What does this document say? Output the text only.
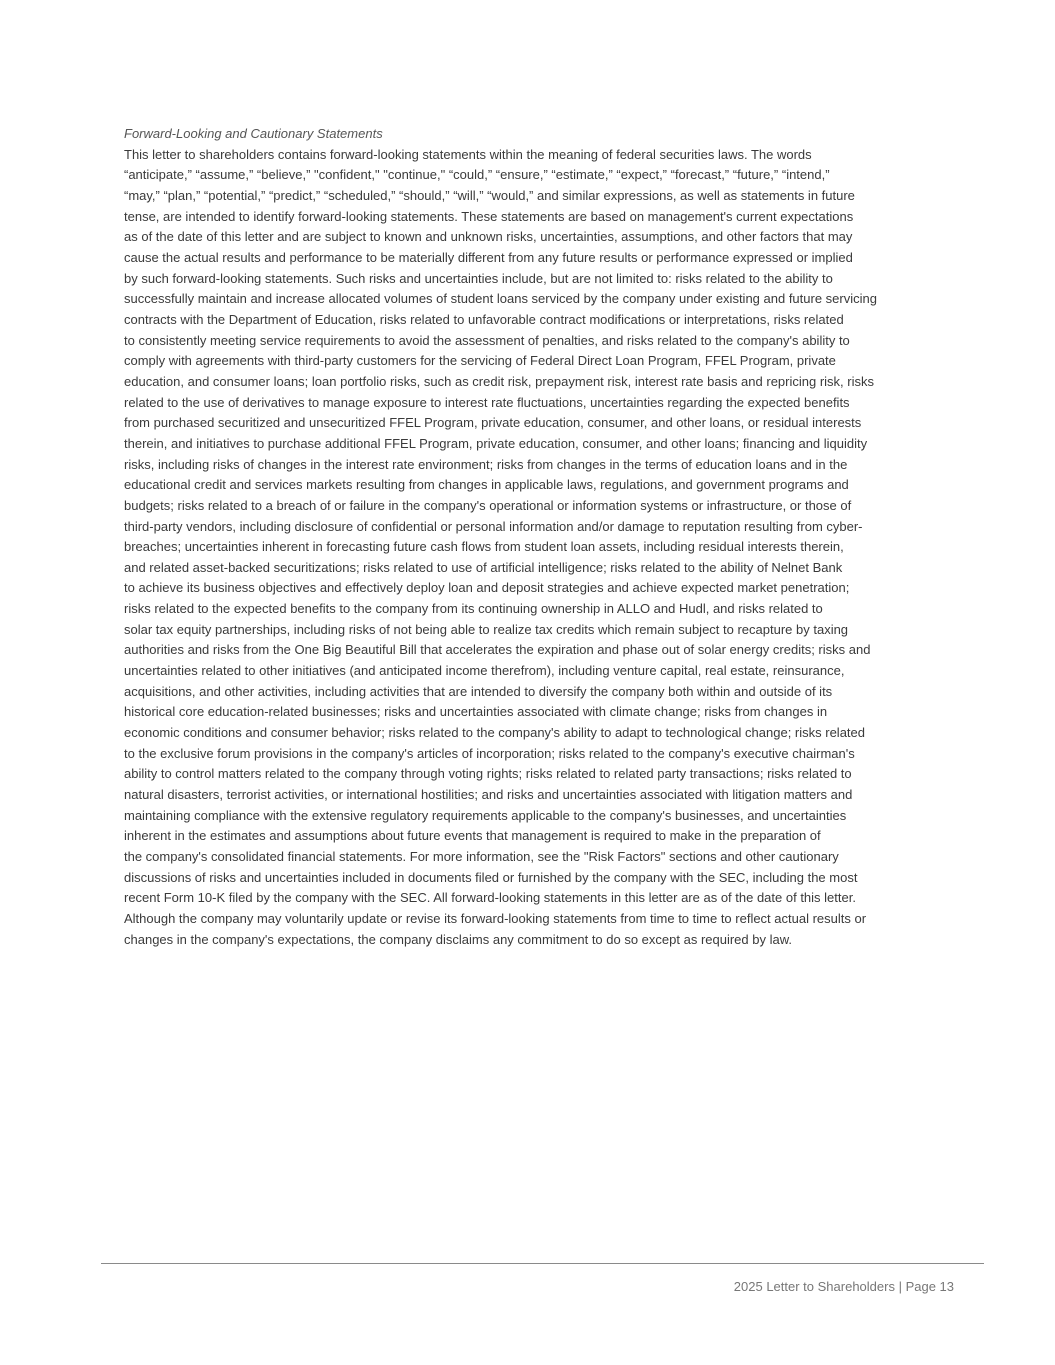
Forward-Looking and Cautionary Statements

This letter to shareholders contains forward-looking statements within the meaning of federal securities laws. The words
“anticipate,” “assume,” “believe,” "confident," "continue," “could,” “ensure,” “estimate,” “expect,” “forecast,” “future,” “intend,”
“may,” “plan,” “potential,” “predict,” “scheduled,” “should,” “will,” “would,” and similar expressions, as well as statements in future
tense, are intended to identify forward-looking statements. These statements are based on management's current expectations
as of the date of this letter and are subject to known and unknown risks, uncertainties, assumptions, and other factors that may
cause the actual results and performance to be materially different from any future results or performance expressed or implied
by such forward-looking statements. Such risks and uncertainties include, but are not limited to: risks related to the ability to
successfully maintain and increase allocated volumes of student loans serviced by the company under existing and future servicing
contracts with the Department of Education, risks related to unfavorable contract modifications or interpretations, risks related
to consistently meeting service requirements to avoid the assessment of penalties, and risks related to the company's ability to
comply with agreements with third-party customers for the servicing of Federal Direct Loan Program, FFEL Program, private
education, and consumer loans; loan portfolio risks, such as credit risk, prepayment risk, interest rate basis and repricing risk, risks
related to the use of derivatives to manage exposure to interest rate fluctuations, uncertainties regarding the expected benefits
from purchased securitized and unsecuritized FFEL Program, private education, consumer, and other loans, or residual interests
therein, and initiatives to purchase additional FFEL Program, private education, consumer, and other loans; financing and liquidity
risks, including risks of changes in the interest rate environment; risks from changes in the terms of education loans and in the
educational credit and services markets resulting from changes in applicable laws, regulations, and government programs and
budgets; risks related to a breach of or failure in the company's operational or information systems or infrastructure, or those of
third-party vendors, including disclosure of confidential or personal information and/or damage to reputation resulting from cyber-
breaches; uncertainties inherent in forecasting future cash flows from student loan assets, including residual interests therein,
and related asset-backed securitizations; risks related to use of artificial intelligence; risks related to the ability of Nelnet Bank
to achieve its business objectives and effectively deploy loan and deposit strategies and achieve expected market penetration;
risks related to the expected benefits to the company from its continuing ownership in ALLO and Hudl, and risks related to
solar tax equity partnerships, including risks of not being able to realize tax credits which remain subject to recapture by taxing
authorities and risks from the One Big Beautiful Bill that accelerates the expiration and phase out of solar energy credits; risks and
uncertainties related to other initiatives (and anticipated income therefrom), including venture capital, real estate, reinsurance,
acquisitions, and other activities, including activities that are intended to diversify the company both within and outside of its
historical core education-related businesses; risks and uncertainties associated with climate change; risks from changes in
economic conditions and consumer behavior; risks related to the company's ability to adapt to technological change; risks related
to the exclusive forum provisions in the company's articles of incorporation; risks related to the company's executive chairman's
ability to control matters related to the company through voting rights; risks related to related party transactions; risks related to
natural disasters, terrorist activities, or international hostilities; and risks and uncertainties associated with litigation matters and
maintaining compliance with the extensive regulatory requirements applicable to the company's businesses, and uncertainties
inherent in the estimates and assumptions about future events that management is required to make in the preparation of
the company's consolidated financial statements. For more information, see the "Risk Factors" sections and other cautionary
discussions of risks and uncertainties included in documents filed or furnished by the company with the SEC, including the most
recent Form 10-K filed by the company with the SEC. All forward-looking statements in this letter are as of the date of this letter.
Although the company may voluntarily update or revise its forward-looking statements from time to time to reflect actual results or
changes in the company's expectations, the company disclaims any commitment to do so except as required by law.
2025 Letter to Shareholders | Page 13
